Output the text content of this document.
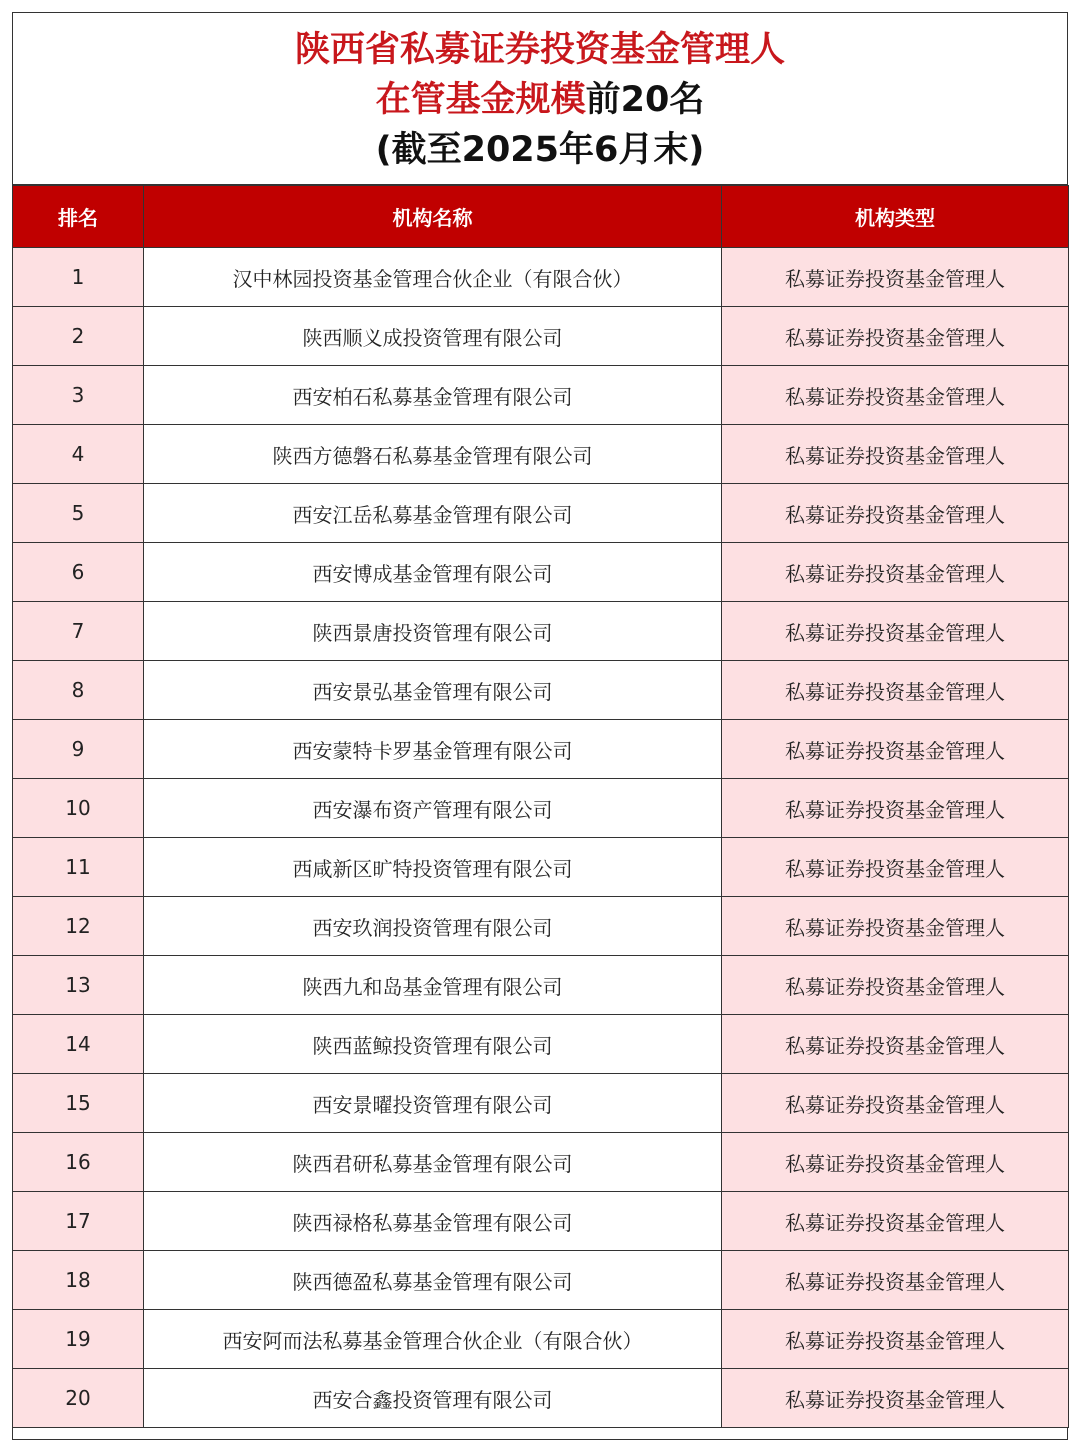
陕西省私募证券投资基金管理人
在管基金规模前20名
(截至2025年6月末)
排名	机构名称	机构类型
1	汉中林园投资基金管理合伙企业（有限合伙）	私募证券投资基金管理人
2	陕西顺义成投资管理有限公司	私募证券投资基金管理人
3	西安柏石私募基金管理有限公司	私募证券投资基金管理人
4	陕西方德磐石私募基金管理有限公司	私募证券投资基金管理人
5	西安江岳私募基金管理有限公司	私募证券投资基金管理人
6	西安博成基金管理有限公司	私募证券投资基金管理人
7	陕西景唐投资管理有限公司	私募证券投资基金管理人
8	西安景弘基金管理有限公司	私募证券投资基金管理人
9	西安蒙特卡罗基金管理有限公司	私募证券投资基金管理人
10	西安瀑布资产管理有限公司	私募证券投资基金管理人
11	西咸新区旷特投资管理有限公司	私募证券投资基金管理人
12	西安玖润投资管理有限公司	私募证券投资基金管理人
13	陕西九和岛基金管理有限公司	私募证券投资基金管理人
14	陕西蓝鲸投资管理有限公司	私募证券投资基金管理人
15	西安景曜投资管理有限公司	私募证券投资基金管理人
16	陕西君研私募基金管理有限公司	私募证券投资基金管理人
17	陕西禄格私募基金管理有限公司	私募证券投资基金管理人
18	陕西德盈私募基金管理有限公司	私募证券投资基金管理人
19	西安阿而法私募基金管理合伙企业（有限合伙）	私募证券投资基金管理人
20	西安合鑫投资管理有限公司	私募证券投资基金管理人
